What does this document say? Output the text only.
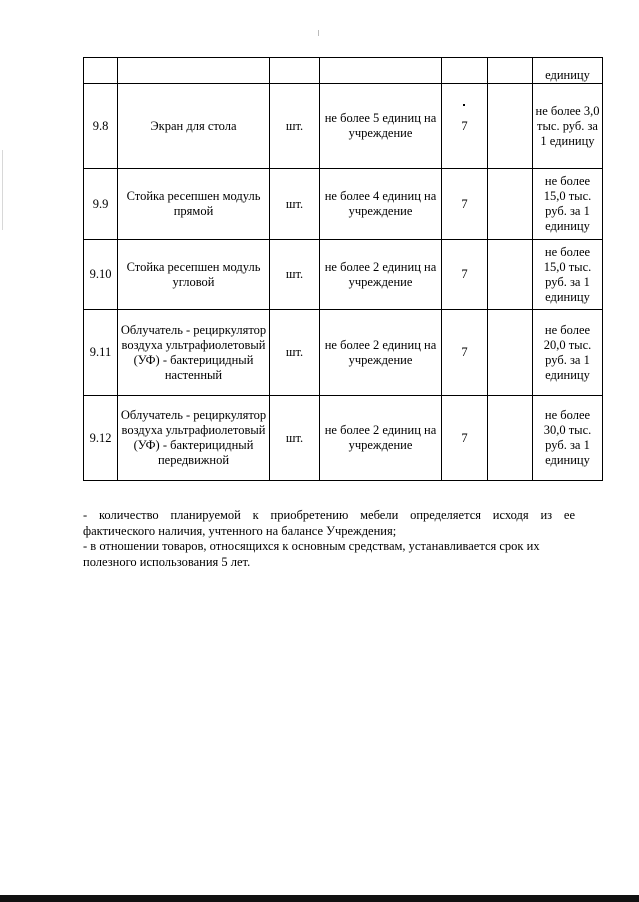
						единицу
9.8	Экран для стола	шт.	не более 5 единиц на учреждение	7		не более 3,0 тыс. руб. за 1 единицу
9.9	Стойка ресепшен модуль прямой	шт.	не более 4 единиц на учреждение	7		не более 15,0 тыс. руб. за 1 единицу
9.10	Стойка ресепшен модуль угловой	шт.	не более 2 единиц на учреждение	7		не более 15,0 тыс. руб. за 1 единицу
9.11	Облучатель - рециркулятор воздуха ультрафиолетовый (УФ) - бактерицидный настенный	шт.	не более 2 единиц на учреждение	7		не более 20,0 тыс. руб. за 1 единицу
9.12	Облучатель - рециркулятор воздуха ультрафиолетовый (УФ) - бактерицидный передвижной	шт.	не более 2 единиц на учреждение	7		не более 30,0 тыс. руб. за 1 единицу

- количество планируемой к приобретению мебели определяется исходя из ее

фактического наличия, учтенного на балансе Учреждения;

- в отношении товаров, относящихся к основным средствам, устанавливается срок их

полезного использования 5 лет.
